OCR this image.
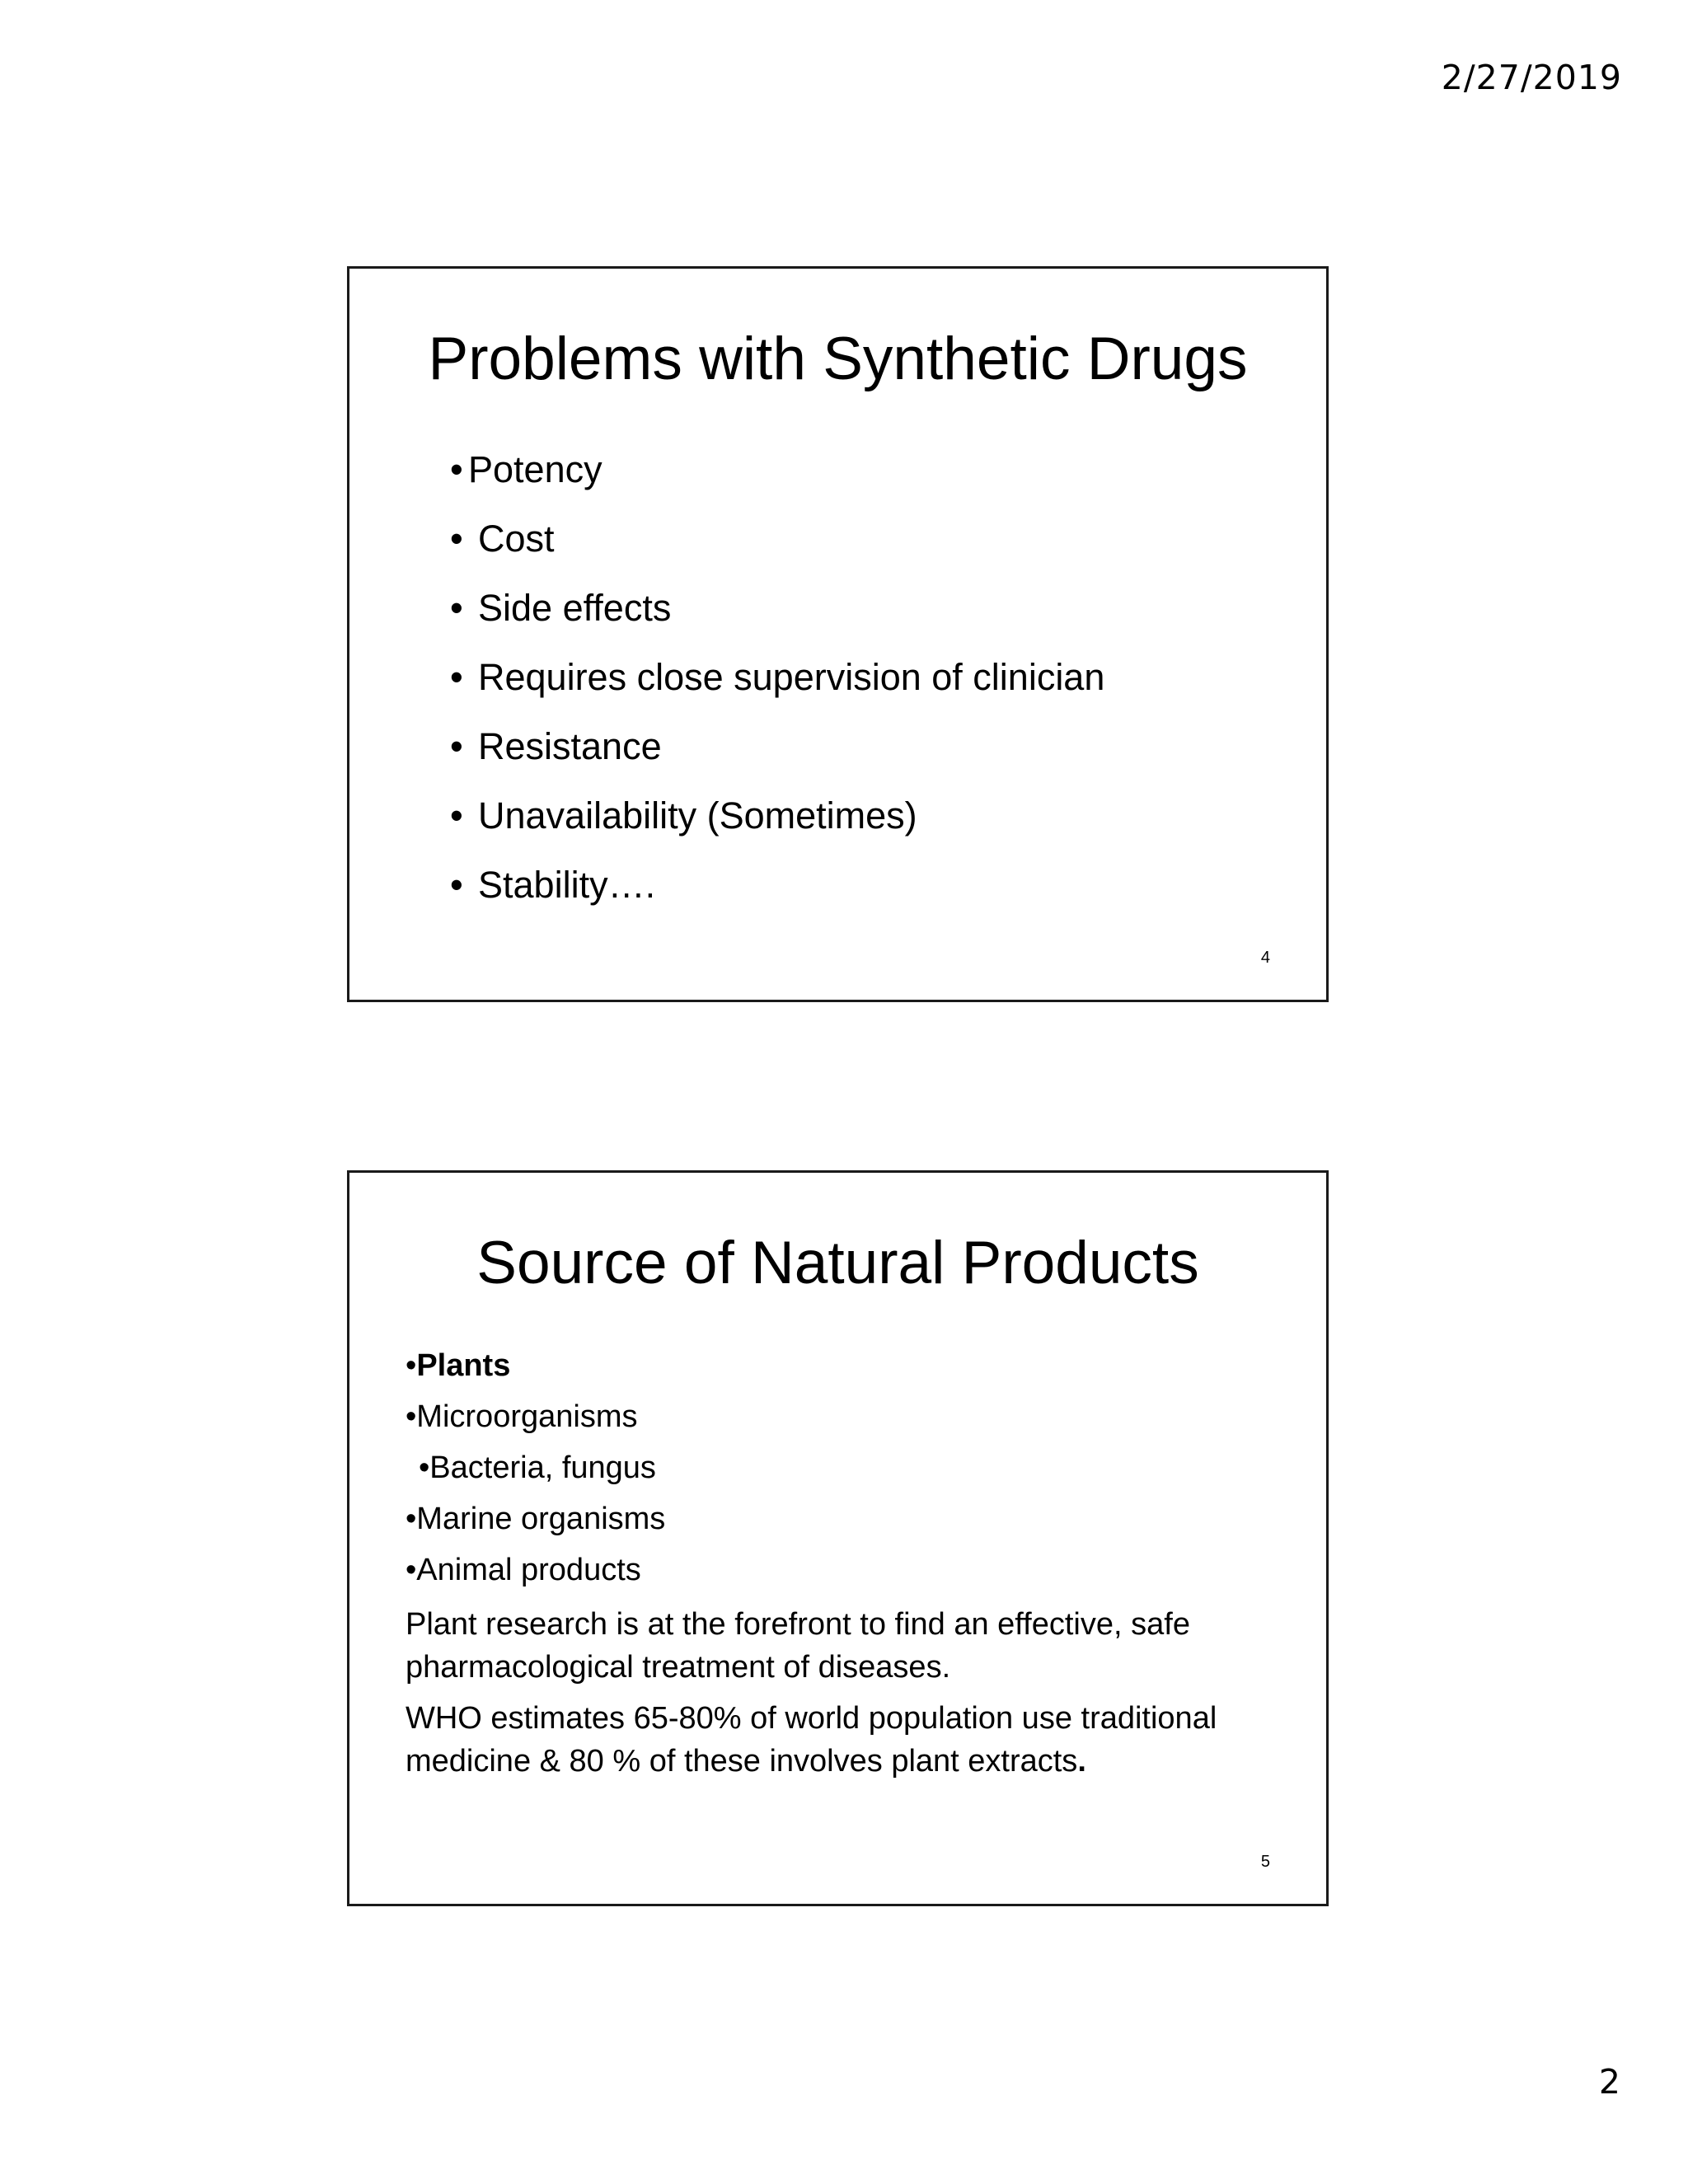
2/27/2019
Problems with Synthetic Drugs
• Potency
• Cost
• Side effects
• Requires close supervision of clinician
• Resistance
• Unavailability (Sometimes)
• Stability….
4
Source of Natural Products
•Plants
•Microorganisms
•Bacteria, fungus
•Marine organisms
•Animal products
Plant research is at the forefront to find an effective, safe pharmacological treatment of diseases.
WHO estimates 65-80% of world population use traditional medicine & 80 % of these involves plant extracts.
5
2
